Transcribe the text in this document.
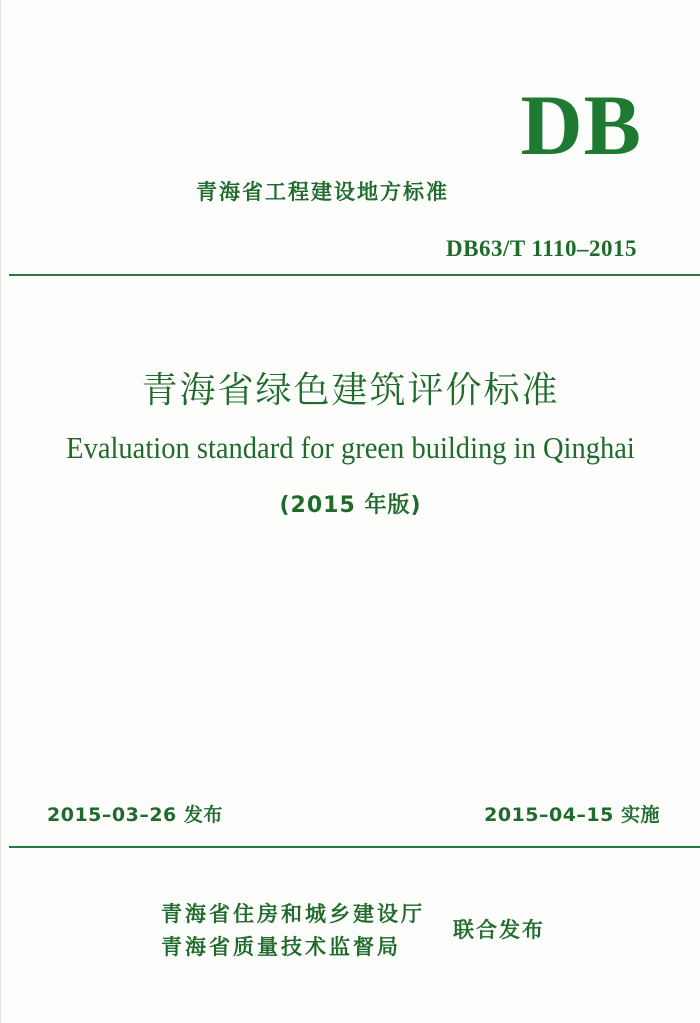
DB
青海省工程建设地方标准
DB63/T 1110–2015
青海省绿色建筑评价标准
Evaluation standard for green building in Qinghai
(2015 年版)
2015–03–26 发布	2015–04–15 实施
青海省住房和城乡建设厅
青海省质量技术监督局
联合发布
